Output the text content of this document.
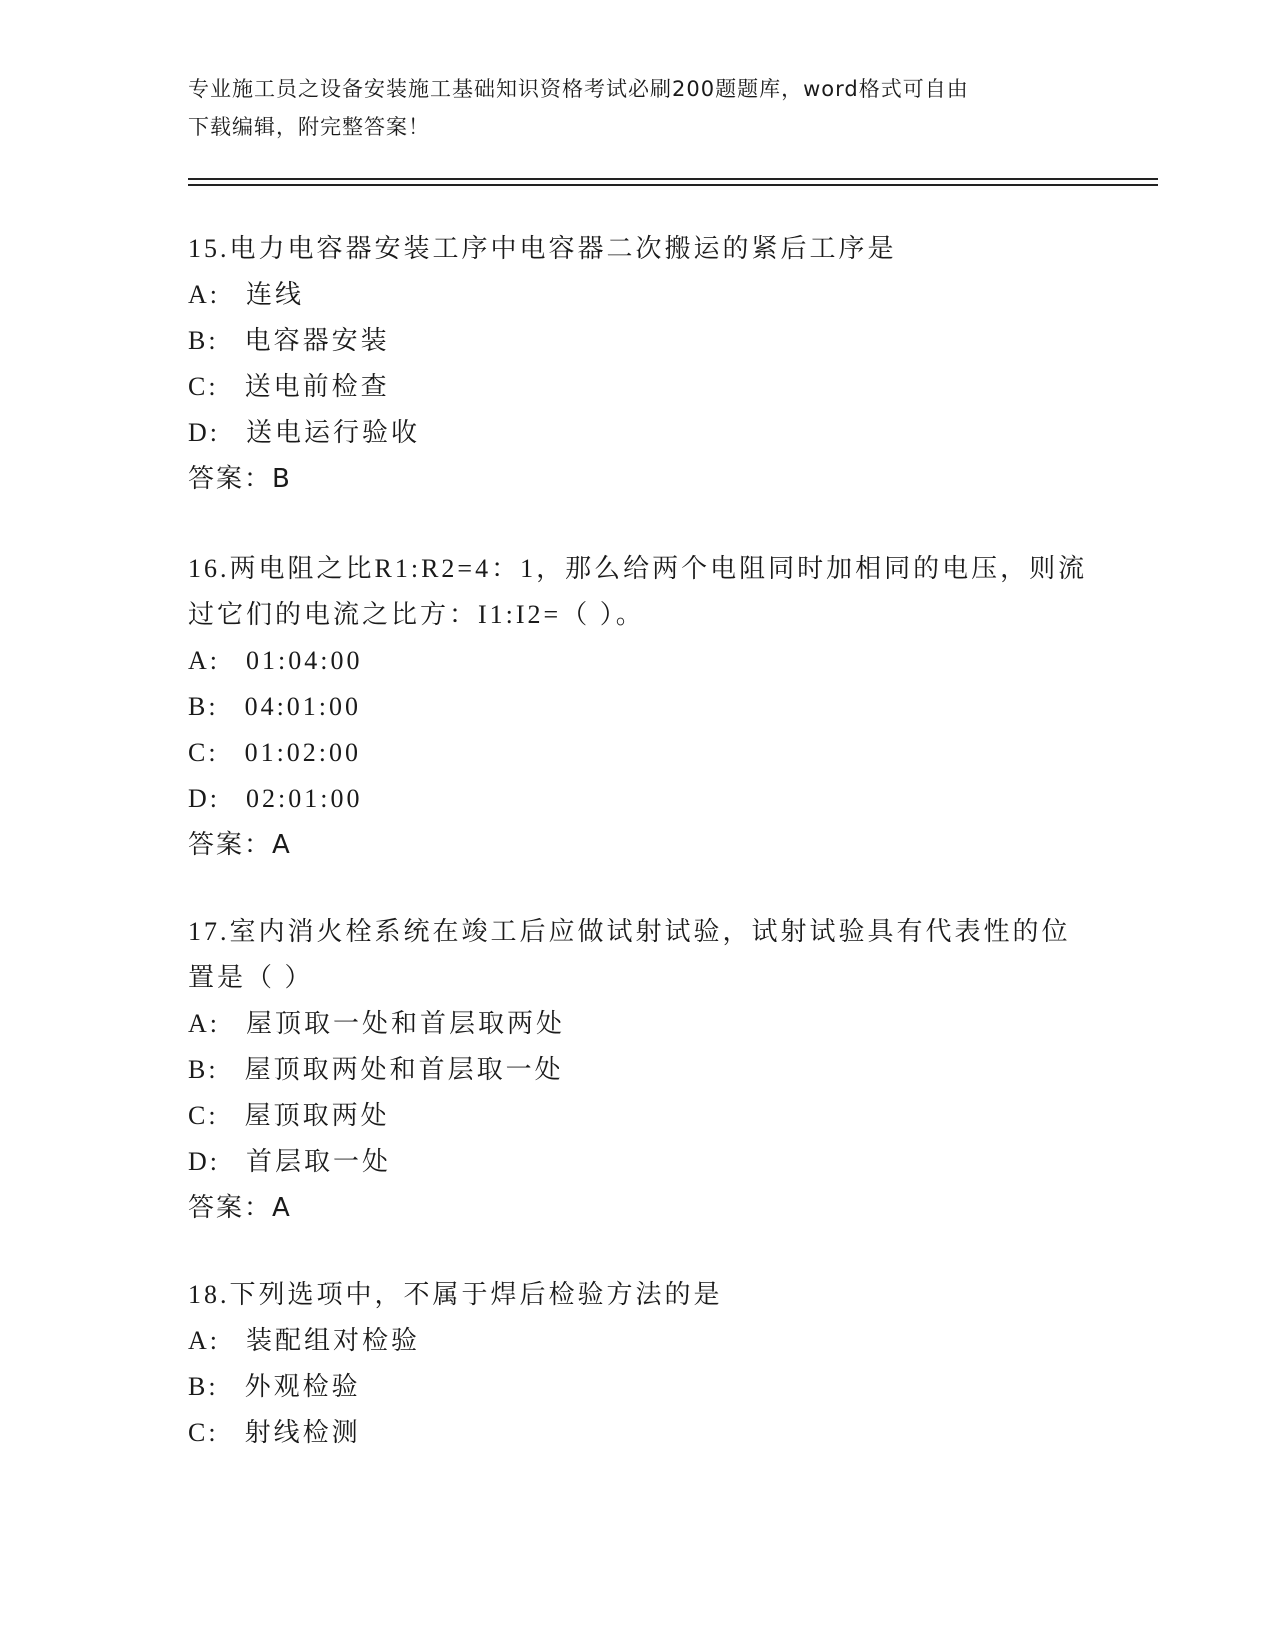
专业施工员之设备安装施工基础知识资格考试必刷200题题库，word格式可自由
下载编辑，附完整答案！

15.电力电容器安装工序中电容器二次搬运的紧后工序是

A: 连线

B: 电容器安装

C: 送电前检查

D: 送电运行验收

答案：B

16.两电阻之比R1:R2=4：1，那么给两个电阻同时加相同的电压，则流过它们的电流之比方：I1:I2=（ ）。

A: 01:04:00

B: 04:01:00

C: 01:02:00

D: 02:01:00

答案：A

17.室内消火栓系统在竣工后应做试射试验，试射试验具有代表性的位置是（ ）

A: 屋顶取一处和首层取两处

B: 屋顶取两处和首层取一处

C: 屋顶取两处

D: 首层取一处

答案：A

18.下列选项中，不属于焊后检验方法的是

A: 装配组对检验

B: 外观检验

C: 射线检测
